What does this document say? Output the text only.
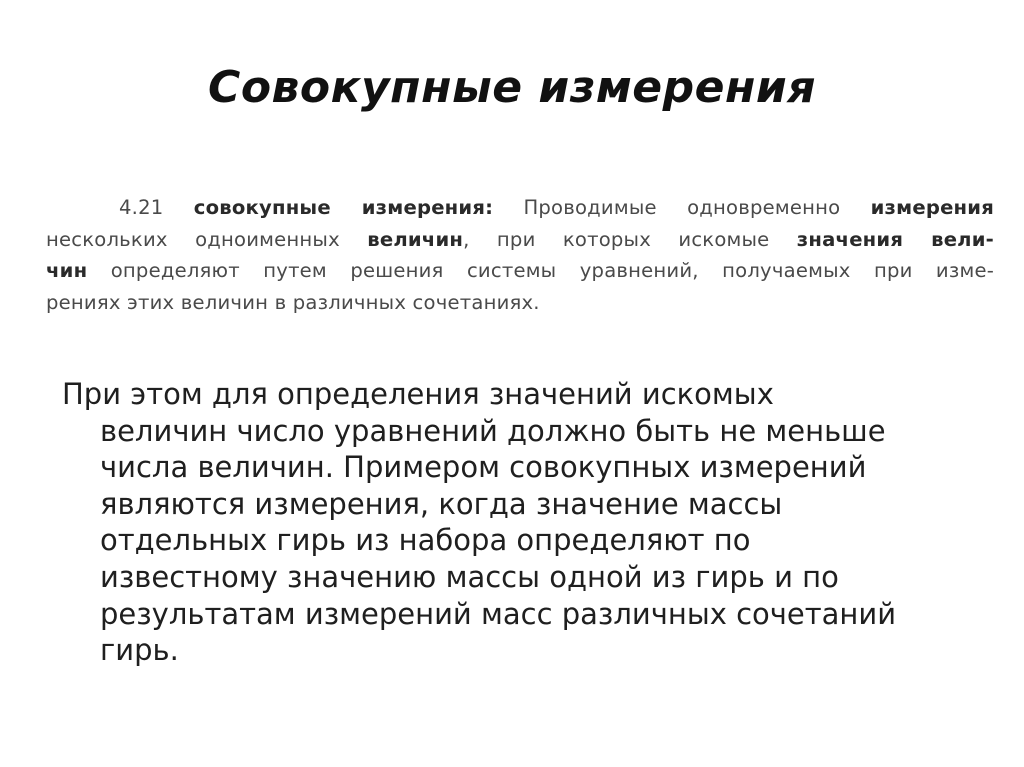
Совокупные измерения
4.21 совокупные измерения: Проводимые одновременно измерения
нескольких одноименных величин, при которых искомые значения вели-
чин определяют путем решения системы уравнений, получаемых при изме-
рениях этих величин в различных сочетаниях.
При этом для определения значений искомых
величин число уравнений должно быть не меньше
числа величин. Примером совокупных измерений
являются измерения, когда значение массы
отдельных гирь из набора определяют по
известному значению массы одной из гирь и по
результатам измерений масс различных сочетаний
гирь.
